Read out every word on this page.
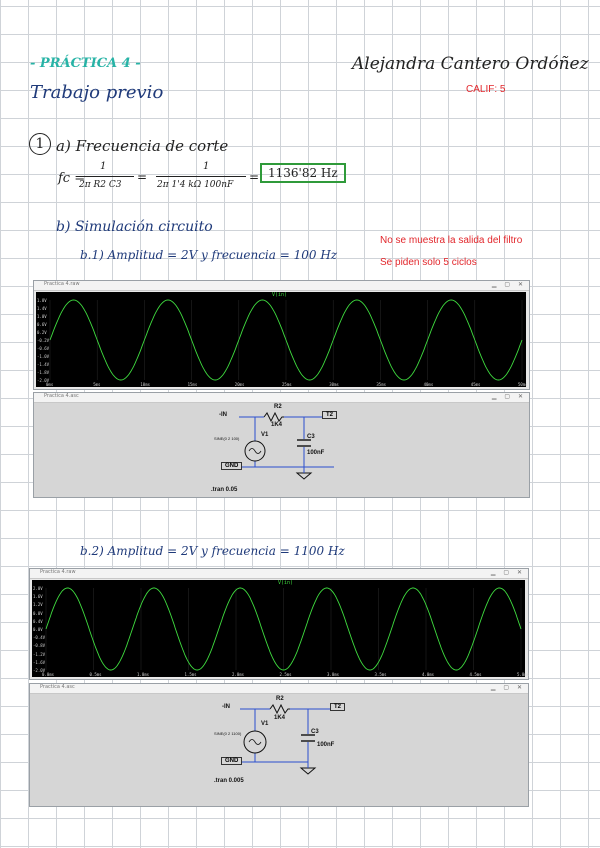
- PRÁCTICA 4 -	Alejandra Cantero Ordóñez
Trabajo previo	CALIF: 5
1 a) Frecuencia de corte
fc =
1
2π R2 C3
=
1
2π 1'4 kΩ 100nF
= 1136'82 Hz
b) Simulación circuito
No se muestra la salida del filtro
Se piden solo 5 ciclos
b.1) Amplitud = 2V y frecuencia = 100 Hz
Practica 4.raw	▁ ▢ ✕
V(in)
1.8V
1.4V
1.0V
0.6V
0.2V
-0.2V
-0.6V
-1.0V
-1.4V
-1.8V
-2.0V
0ms	5ms	10ms	15ms	20ms	25ms	30ms	35ms	40ms	45ms	50ms
Practica 4.asc	▁ ▢ ✕
-IN	T2
R2
1K4
V1
SINE(0 2 100)	C3
100nF
GND
.tran 0.05
b.2) Amplitud = 2V y frecuencia = 1100 Hz
Practica 4.raw	▁ ▢ ✕
V(in)
2.0V
1.6V
1.2V
0.8V
0.4V
0.0V
-0.4V
-0.8V
-1.2V
-1.6V
-2.0V
0.0ms	0.5ms	1.0ms	1.5ms	2.0ms	2.5ms	3.0ms	3.5ms	4.0ms	4.5ms	5.0ms
Practica 4.asc	▁ ▢ ✕
-IN	T2
R2
1K4
V1
SINE(0 2 1100)	C3
100nF
GND
.tran 0.005
